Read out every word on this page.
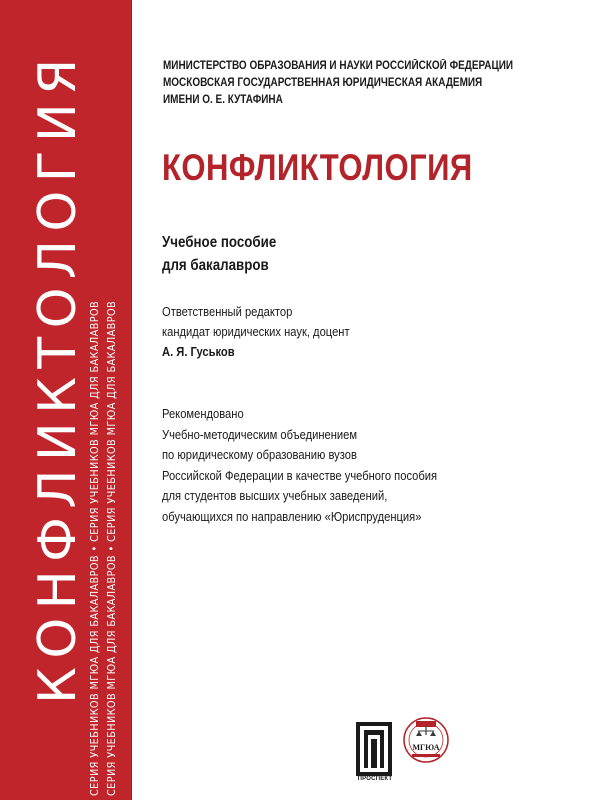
КОНФЛИКТОЛОГИЯ СЕРИЯ УЧЕБНИКОВ МГЮА ДЛЯ БАКАЛАВРОВ • СЕРИЯ УЧЕБНИКОВ МГЮА ДЛЯ БАКАЛАВРОВ СЕРИЯ УЧЕБНИКОВ МГЮА ДЛЯ БАКАЛАВРОВ • СЕРИЯ УЧЕБНИКОВ МГЮА ДЛЯ БАКАЛАВРОВ
МИНИСТЕРСТВО ОБРАЗОВАНИЯ И НАУКИ РОССИЙСКОЙ ФЕДЕРАЦИИ
МОСКОВСКАЯ ГОСУДАРСТВЕННАЯ ЮРИДИЧЕСКАЯ АКАДЕМИЯ
ИМЕНИ О. Е. КУТАФИНА
КОНФЛИКТОЛОГИЯ
Учебное пособие
для бакалавров
Ответственный редактор
кандидат юридических наук, доцент
А. Я. Гуськов
Рекомендовано
Учебно-методическим объединением
по юридическому образованию вузов
Российской Федерации в качестве учебного пособия
для студентов высших учебных заведений,
обучающихся по направлению «Юриспруденция»
ПРОСПЕКТ
МГЮА
